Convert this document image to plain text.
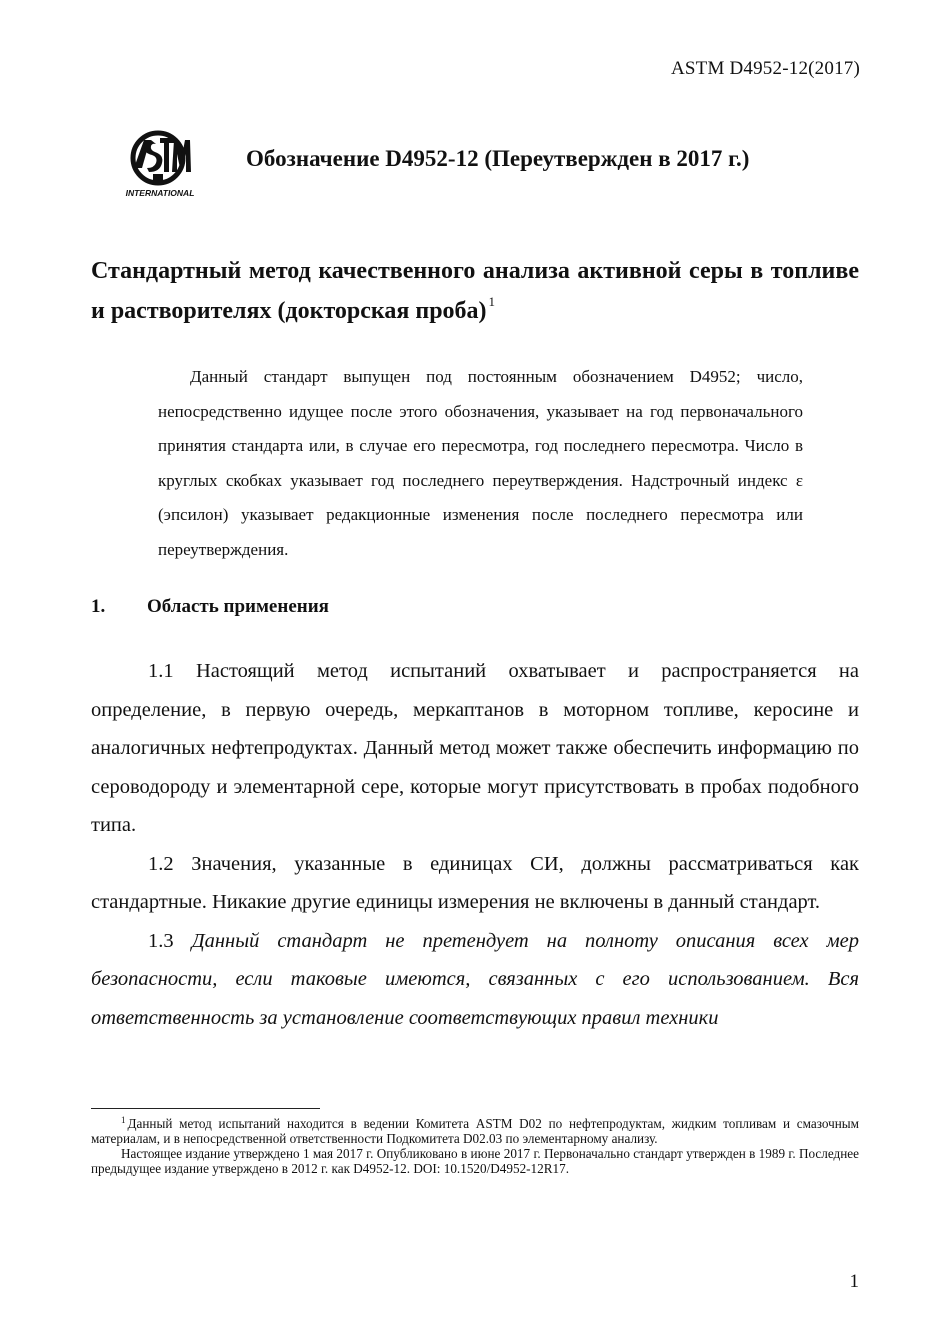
ASTM D4952-12(2017)
INTERNATIONAL
Обозначение D4952-12 (Переутвержден в 2017 г.)
Стандартный метод качественного анализа активной серы в топливе и растворителях (докторская проба) $^1$
Данный стандарт выпущен под постоянным обозначением D4952; число, непосредственно идущее после этого обозначения, указывает на год первоначального принятия стандарта или, в случае его пересмотра, год последнего пересмотра. Число в круглых скобках указывает год последнего переутверждения. Надстрочный индекс ε (эпсилон) указывает редакционные изменения после последнего пересмотра или переутверждения.
1. Область применения

1.1 Настоящий метод испытаний охватывает и распространяется на определение, в первую очередь, меркаптанов в моторном топливе, керосине и аналогичных нефтепродуктах. Данный метод может также обеспечить информацию по сероводороду и элементарной сере, которые могут присутствовать в пробах подобного типа.

1.2 Значения, указанные в единицах СИ, должны рассматриваться как стандартные. Никакие другие единицы измерения не включены в данный стандарт.

1.3 Данный стандарт не претендует на полноту описания всех мер безопасности, если таковые имеются, связанных с его использованием. Вся ответственность за установление соответствующих правил техники

$^1$ Данный метод испытаний находится в ведении Комитета ASTM D02 по нефтепродуктам, жидким топливам и смазочным материалам, и в непосредственной ответственности Подкомитета D02.03 по элементарному анализу.

Настоящее издание утверждено 1 мая 2017 г. Опубликовано в июне 2017 г. Первоначально стандарт утвержден в 1989 г. Последнее предыдущее издание утверждено в 2012 г. как D4952-12. DOI: 10.1520/D4952-12R17.

1
